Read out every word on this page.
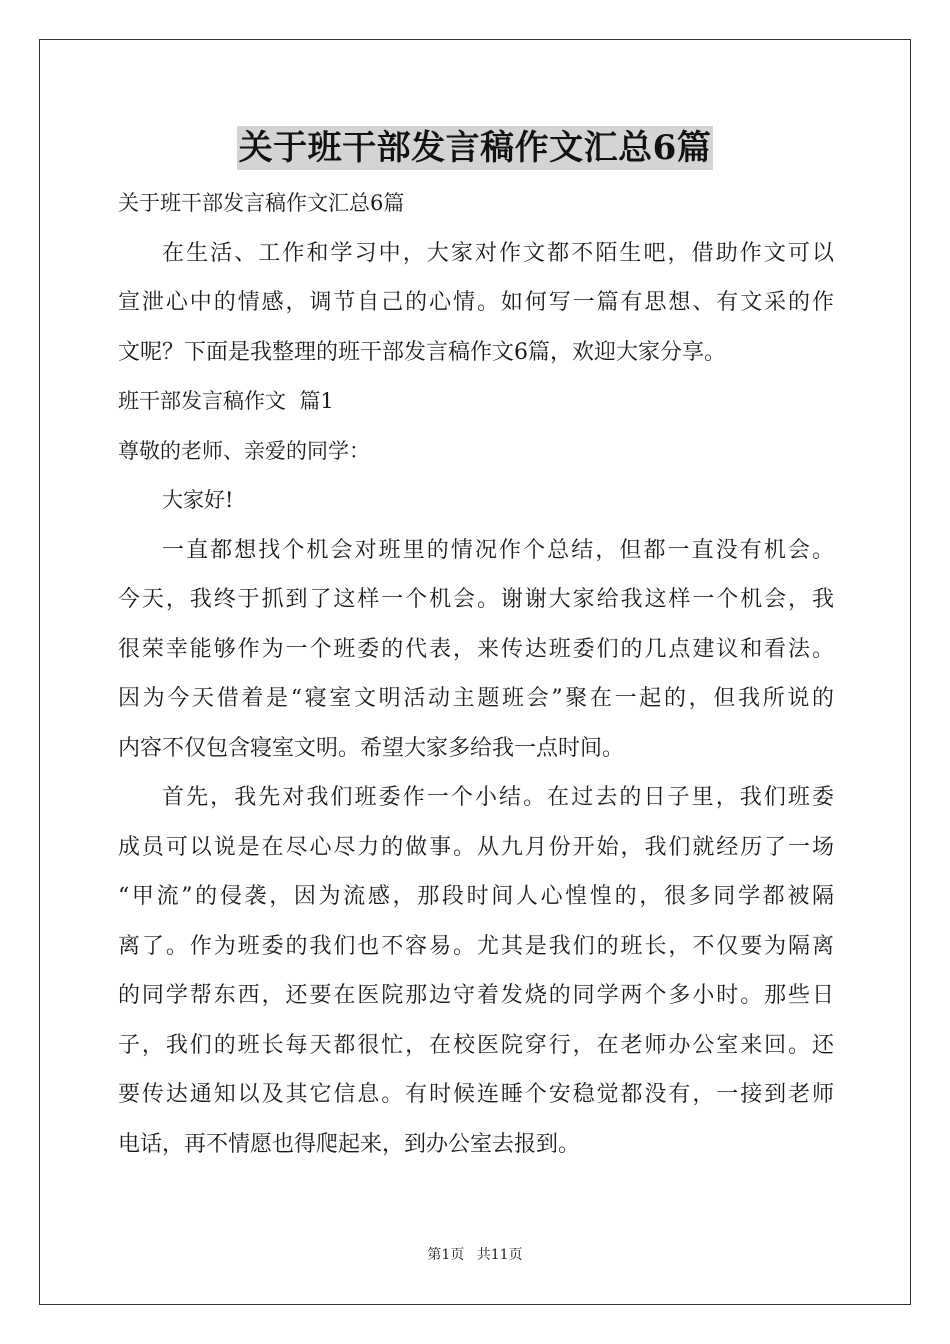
关于班干部发言稿作文汇总6篇

关于班干部发言稿作文汇总6篇

在生活、工作和学习中，大家对作文都不陌生吧，借助作文可以

宣泄心中的情感，调节自己的心情。如何写一篇有思想、有文采的作

文呢？下面是我整理的班干部发言稿作文6篇，欢迎大家分享。

班干部发言稿作文  篇1

尊敬的老师、亲爱的同学：

大家好!

一直都想找个机会对班里的情况作个总结，但都一直没有机会。

今天，我终于抓到了这样一个机会。谢谢大家给我这样一个机会，我

很荣幸能够作为一个班委的代表，来传达班委们的几点建议和看法。

因为今天借着是“寝室文明活动主题班会”聚在一起的，但我所说的

内容不仅包含寝室文明。希望大家多给我一点时间。

首先，我先对我们班委作一个小结。在过去的日子里，我们班委

成员可以说是在尽心尽力的做事。从九月份开始，我们就经历了一场

“甲流”的侵袭，因为流感，那段时间人心惶惶的，很多同学都被隔

离了。作为班委的我们也不容易。尤其是我们的班长，不仅要为隔离

的同学帮东西，还要在医院那边守着发烧的同学两个多小时。那些日

子，我们的班长每天都很忙，在校医院穿行，在老师办公室来回。还

要传达通知以及其它信息。有时候连睡个安稳觉都没有，一接到老师

电话，再不情愿也得爬起来，到办公室去报到。

第1页 共11页
